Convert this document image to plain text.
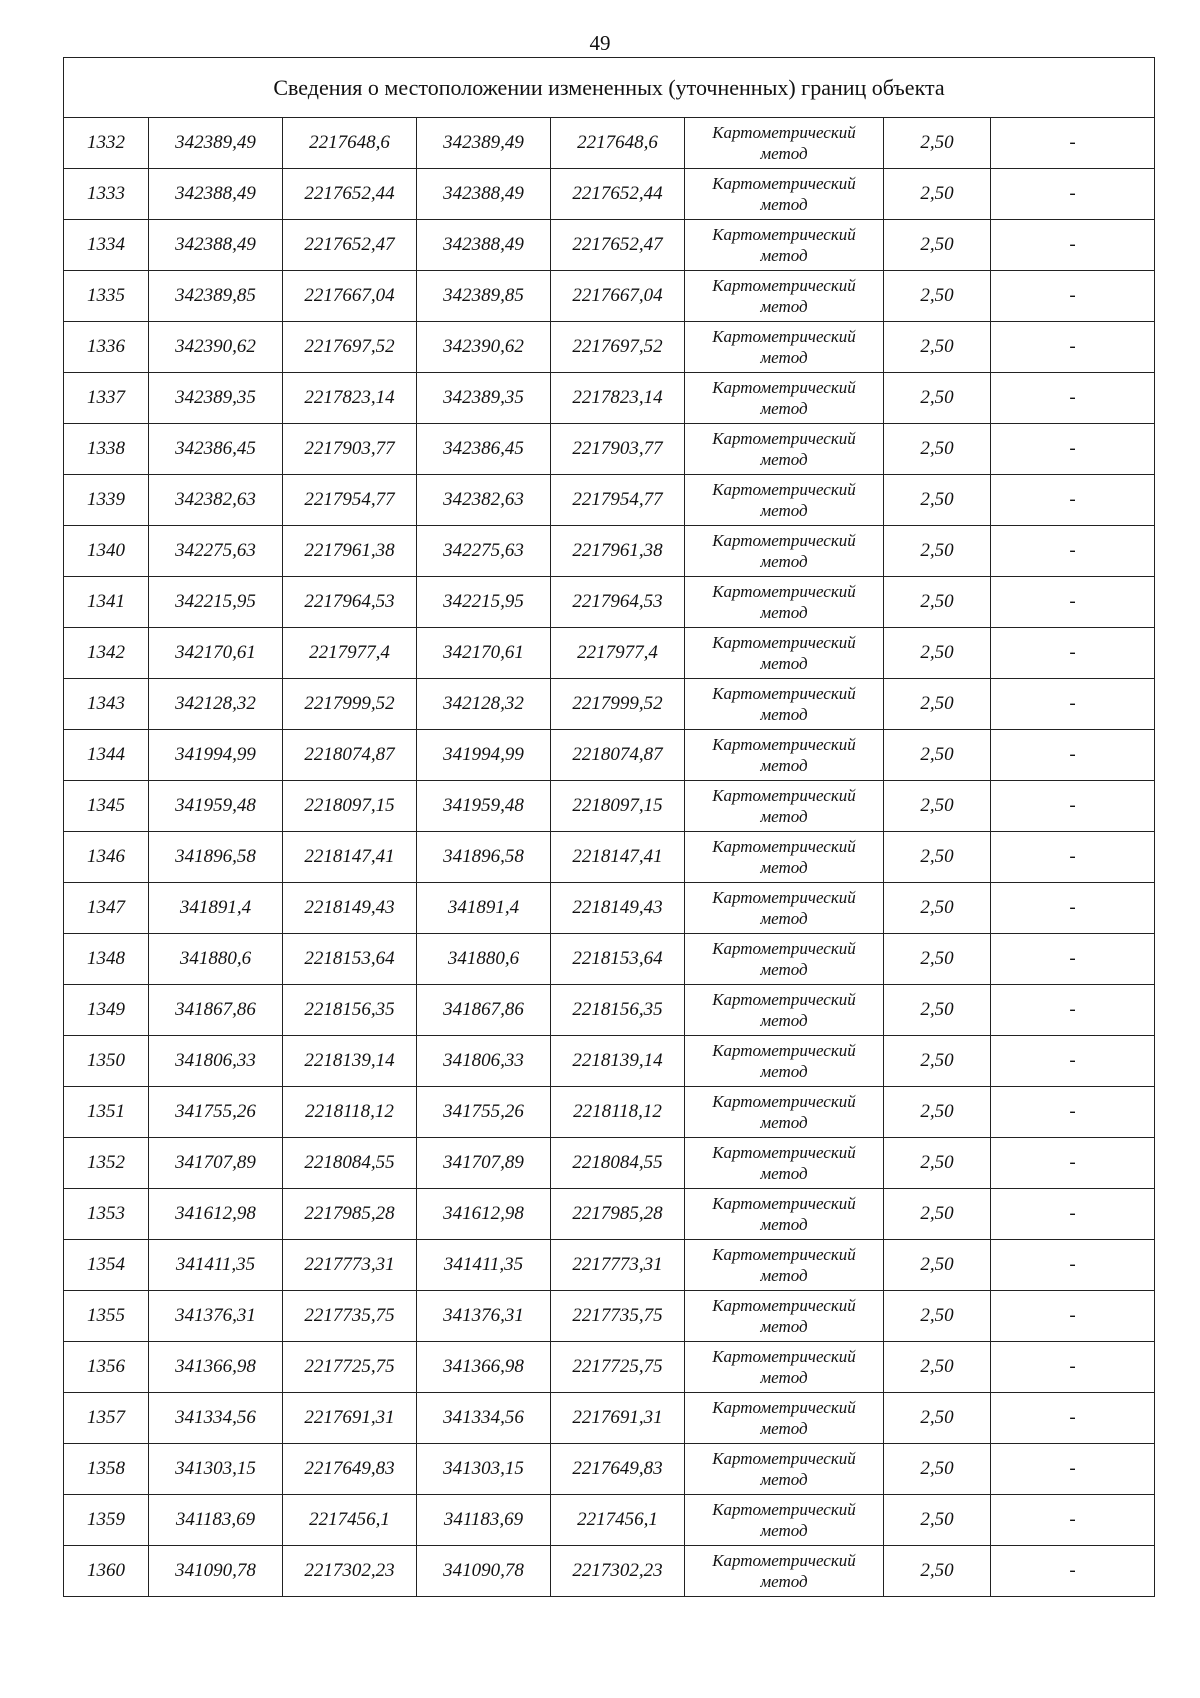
49
Сведения о местоположении измененных (уточненных) границ объекта							
1332	342389,49	2217648,6	342389,49	2217648,6	Картометрический
метод	2,50	-
1333	342388,49	2217652,44	342388,49	2217652,44	Картометрический
метод	2,50	-
1334	342388,49	2217652,47	342388,49	2217652,47	Картометрический
метод	2,50	-
1335	342389,85	2217667,04	342389,85	2217667,04	Картометрический
метод	2,50	-
1336	342390,62	2217697,52	342390,62	2217697,52	Картометрический
метод	2,50	-
1337	342389,35	2217823,14	342389,35	2217823,14	Картометрический
метод	2,50	-
1338	342386,45	2217903,77	342386,45	2217903,77	Картометрический
метод	2,50	-
1339	342382,63	2217954,77	342382,63	2217954,77	Картометрический
метод	2,50	-
1340	342275,63	2217961,38	342275,63	2217961,38	Картометрический
метод	2,50	-
1341	342215,95	2217964,53	342215,95	2217964,53	Картометрический
метод	2,50	-
1342	342170,61	2217977,4	342170,61	2217977,4	Картометрический
метод	2,50	-
1343	342128,32	2217999,52	342128,32	2217999,52	Картометрический
метод	2,50	-
1344	341994,99	2218074,87	341994,99	2218074,87	Картометрический
метод	2,50	-
1345	341959,48	2218097,15	341959,48	2218097,15	Картометрический
метод	2,50	-
1346	341896,58	2218147,41	341896,58	2218147,41	Картометрический
метод	2,50	-
1347	341891,4	2218149,43	341891,4	2218149,43	Картометрический
метод	2,50	-
1348	341880,6	2218153,64	341880,6	2218153,64	Картометрический
метод	2,50	-
1349	341867,86	2218156,35	341867,86	2218156,35	Картометрический
метод	2,50	-
1350	341806,33	2218139,14	341806,33	2218139,14	Картометрический
метод	2,50	-
1351	341755,26	2218118,12	341755,26	2218118,12	Картометрический
метод	2,50	-
1352	341707,89	2218084,55	341707,89	2218084,55	Картометрический
метод	2,50	-
1353	341612,98	2217985,28	341612,98	2217985,28	Картометрический
метод	2,50	-
1354	341411,35	2217773,31	341411,35	2217773,31	Картометрический
метод	2,50	-
1355	341376,31	2217735,75	341376,31	2217735,75	Картометрический
метод	2,50	-
1356	341366,98	2217725,75	341366,98	2217725,75	Картометрический
метод	2,50	-
1357	341334,56	2217691,31	341334,56	2217691,31	Картометрический
метод	2,50	-
1358	341303,15	2217649,83	341303,15	2217649,83	Картометрический
метод	2,50	-
1359	341183,69	2217456,1	341183,69	2217456,1	Картометрический
метод	2,50	-
1360	341090,78	2217302,23	341090,78	2217302,23	Картометрический
метод	2,50	-
